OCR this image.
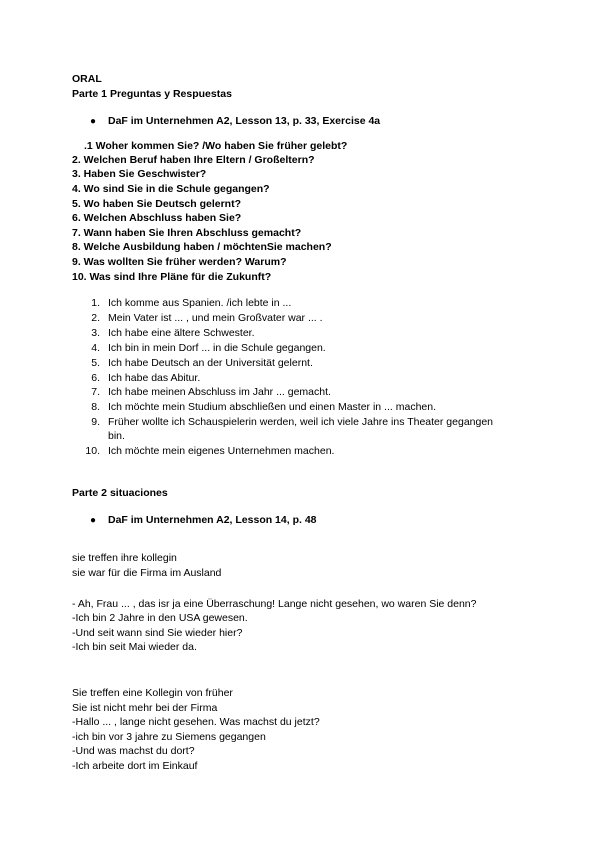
ORAL
Parte 1 Preguntas y Respuestas
● DaF im Unternehmen A2, Lesson 13, p. 33, Exercise 4a
.1 Woher kommen Sie? /Wo haben Sie früher gelebt?
2. Welchen Beruf haben Ihre Eltern / Großeltern?
3. Haben Sie Geschwister?
4. Wo sind Sie in die Schule gegangen?
5. Wo haben Sie Deutsch gelernt?
6. Welchen Abschluss haben Sie?
7. Wann haben Sie Ihren Abschluss gemacht?
8. Welche Ausbildung haben / möchtenSie machen?
9. Was wollten Sie früher werden? Warum?
10. Was sind Ihre Pläne für die Zukunft?
1. Ich komme aus Spanien. /ich lebte in ...
2. Mein Vater ist ... , und mein Großvater war ... .
3. Ich habe eine ältere Schwester.
4. Ich bin in mein Dorf ... in die Schule gegangen.
5. Ich habe Deutsch an der Universität gelernt.
6. Ich habe das Abitur.
7. Ich habe meinen Abschluss im Jahr ... gemacht.
8. Ich möchte mein Studium abschließen und einen Master in ... machen.
9. Früher wollte ich Schauspielerin werden, weil ich viele Jahre ins Theater gegangen
bin.
10. Ich möchte mein eigenes Unternehmen machen.
Parte 2 situaciones
● DaF im Unternehmen A2, Lesson 14, p. 48
sie treffen ihre kollegin
sie war für die Firma im Ausland
- Ah, Frau ... , das isr ja eine Überraschung! Lange nicht gesehen, wo waren Sie denn?
-Ich bin 2 Jahre in den USA gewesen.
-Und seit wann sind Sie wieder hier?
-Ich bin seit Mai wieder da.
Sie treffen eine Kollegin von früher
Sie ist nicht mehr bei der Firma
-Hallo ... , lange nicht gesehen. Was machst du jetzt?
-ich bin vor 3 jahre zu Siemens gegangen
-Und was machst du dort?
-Ich arbeite dort im Einkauf
